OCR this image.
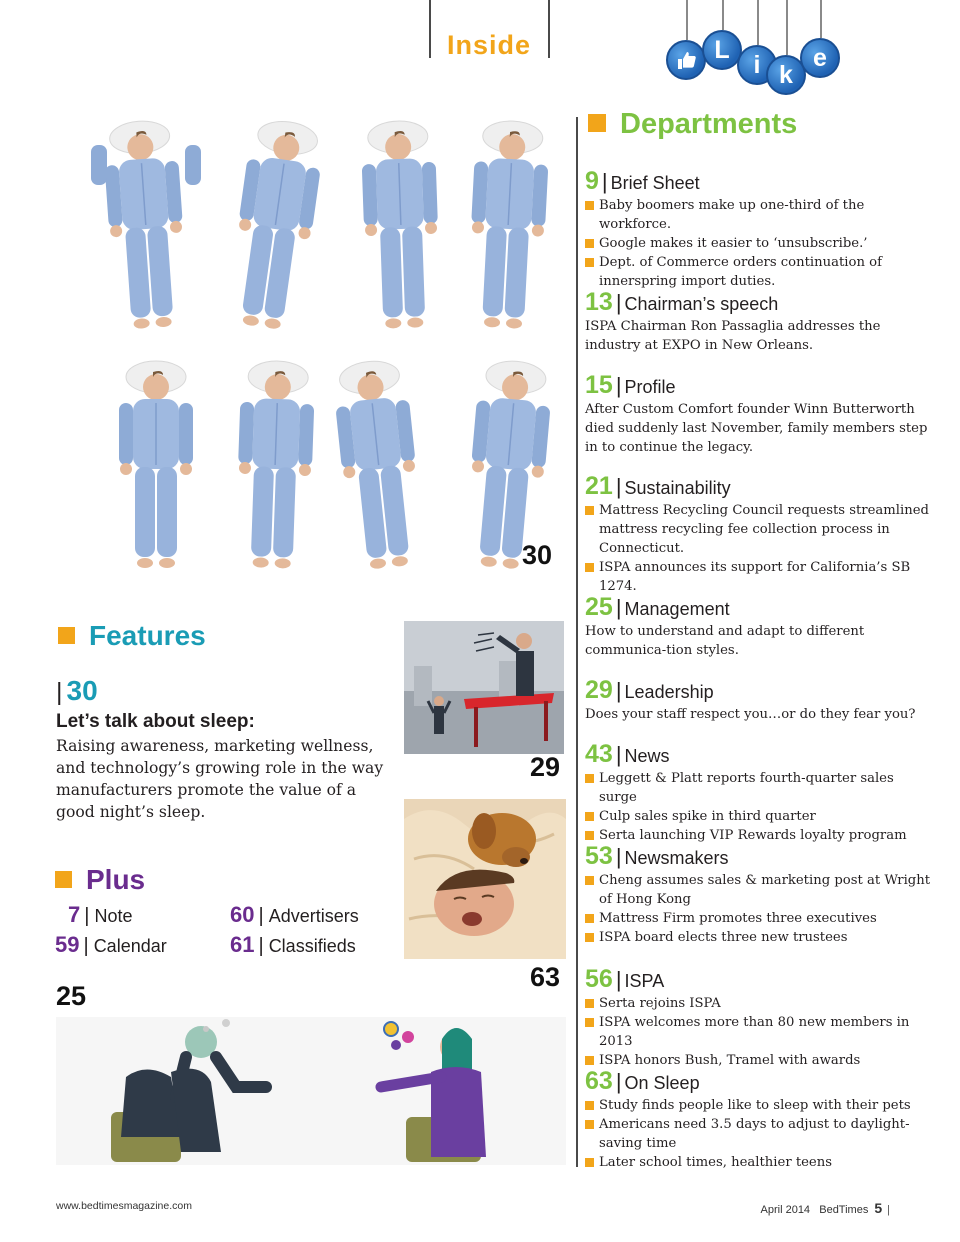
Inside	L
i k
e
30
Departments
9 | Brief Sheet
Baby boomers make up one-third of the workforce.
Google makes it easier to ‘unsubscribe.’
Dept. of Commerce orders continuation of innerspring import duties.
13 | Chairman’s speech
ISPA Chairman Ron Passaglia addresses the industry at EXPO in New Orleans.
15 | Profile
After Custom Comfort founder Winn Butterworth died suddenly last November, family members step in to continue the legacy.
21 | Sustainability
Mattress Recycling Council requests streamlined mattress recycling fee collection process in Connecticut.
ISPA announces its support for California’s SB 1274.
25 | Management
How to understand and adapt to different communica-tion styles.
29 | Leadership
Does your staff respect you…or do they fear you?
43 | News
Leggett & Platt reports fourth-quarter sales surge
Culp sales spike in third quarter
Serta launching VIP Rewards loyalty program
53 | Newsmakers
Cheng assumes sales & marketing post at Wright of Hong Kong
Mattress Firm promotes three executives
ISPA board elects three new trustees
56 | ISPA
Serta rejoins ISPA
ISPA welcomes more than 80 new members in 2013
ISPA honors Bush, Tramel with awards
63 | On Sleep
Study finds people like to sleep with their pets
Americans need 3.5 days to adjust to daylight-saving time
Later school times, healthier teens
Features
| 30
Let’s talk about sleep:
Raising awareness, marketing wellness, and technology’s growing role in the way manufacturers promote the value of a good night’s sleep.
Plus
7 | Note
59 | Calendar
60 | Advertisers
61 | Classifieds
29
63
25
www.bedtimesmagazine.com	April 2014 BedTimes 5 |
